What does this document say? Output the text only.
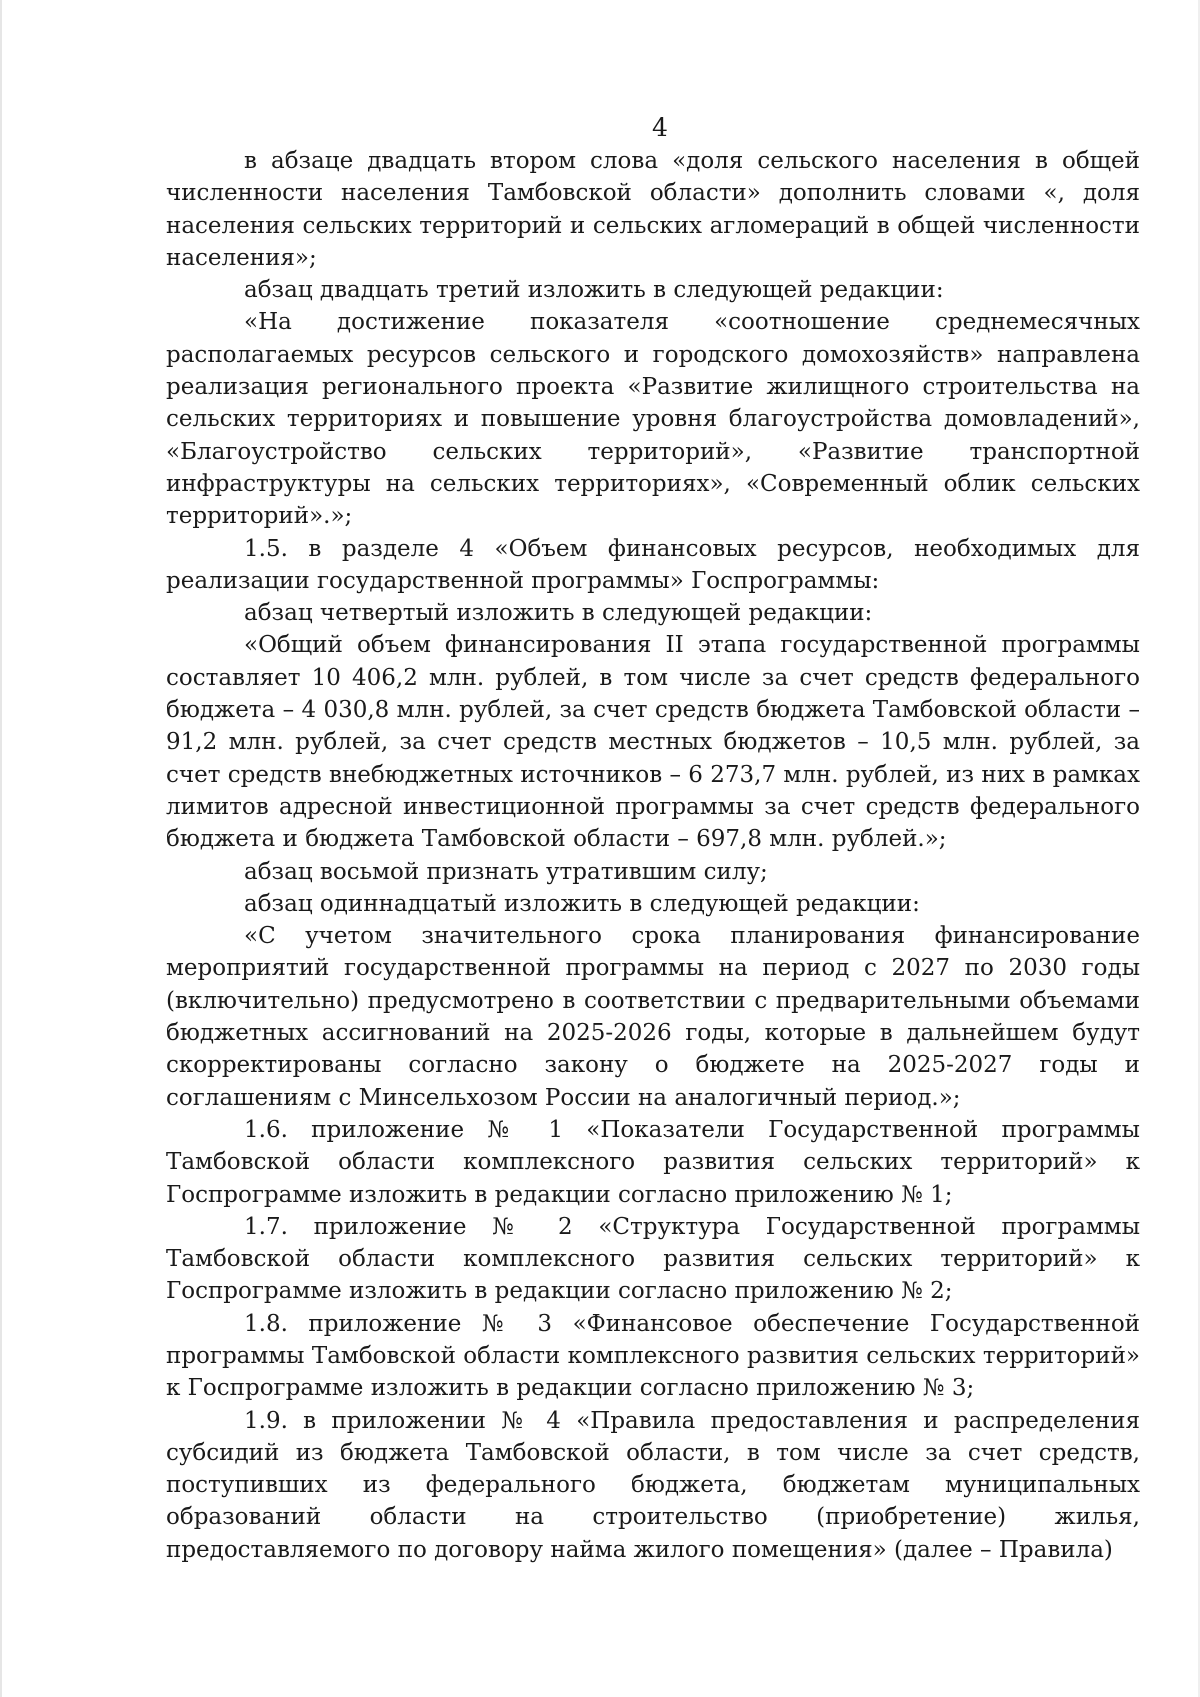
4

в абзаце двадцать втором слова «доля сельского населения в общей численности населения Тамбовской области» дополнить словами «, доля населения сельских территорий и сельских агломераций в общей численности населения»;

абзац двадцать третий изложить в следующей редакции:

«На достижение показателя «соотношение среднемесячных располагаемых ресурсов сельского и городского домохозяйств» направлена реализация регионального проекта «Развитие жилищного строительства на сельских территориях и повышение уровня благоустройства домовладений», «Благоустройство сельских территорий», «Развитие транспортной инфраструктуры на сельских территориях», «Современный облик сельских территорий».»;

1.5. в разделе 4 «Объем финансовых ресурсов, необходимых для реализации государственной программы» Госпрограммы:

абзац четвертый изложить в следующей редакции:

«Общий объем финансирования II этапа государственной программы составляет 10 406,2 млн. рублей, в том числе за счет средств федерального бюджета – 4 030,8 млн. рублей, за счет средств бюджета Тамбовской области – 91,2 млн. рублей, за счет средств местных бюджетов – 10,5 млн. рублей, за счет средств внебюджетных источников – 6 273,7 млн. рублей, из них в рамках лимитов адресной инвестиционной программы за счет средств федерального бюджета и бюджета Тамбовской области – 697,8 млн. рублей.»;

абзац восьмой признать утратившим силу;

абзац одиннадцатый изложить в следующей редакции:

«С учетом значительного срока планирования финансирование мероприятий государственной программы на период с 2027 по 2030 годы (включительно) предусмотрено в соответствии с предварительными объемами бюджетных ассигнований на 2025-2026 годы, которые в дальнейшем будут скорректированы согласно закону о бюджете на 2025-2027 годы и соглашениям с Минсельхозом России на аналогичный период.»;

1.6. приложение № 1 «Показатели Государственной программы Тамбовской области комплексного развития сельских территорий» к Госпрограмме изложить в редакции согласно приложению № 1;

1.7. приложение № 2 «Структура Государственной программы Тамбовской области комплексного развития сельских территорий» к Госпрограмме изложить в редакции согласно приложению № 2;

1.8. приложение № 3 «Финансовое обеспечение Государственной программы Тамбовской области комплексного развития сельских территорий» к Госпрограмме изложить в редакции согласно приложению № 3;

1.9. в приложении № 4 «Правила предоставления и распределения субсидий из бюджета Тамбовской области, в том числе за счет средств, поступивших из федерального бюджета, бюджетам муниципальных образований области на строительство (приобретение) жилья, предоставляемого по договору найма жилого помещения» (далее – Правила)
